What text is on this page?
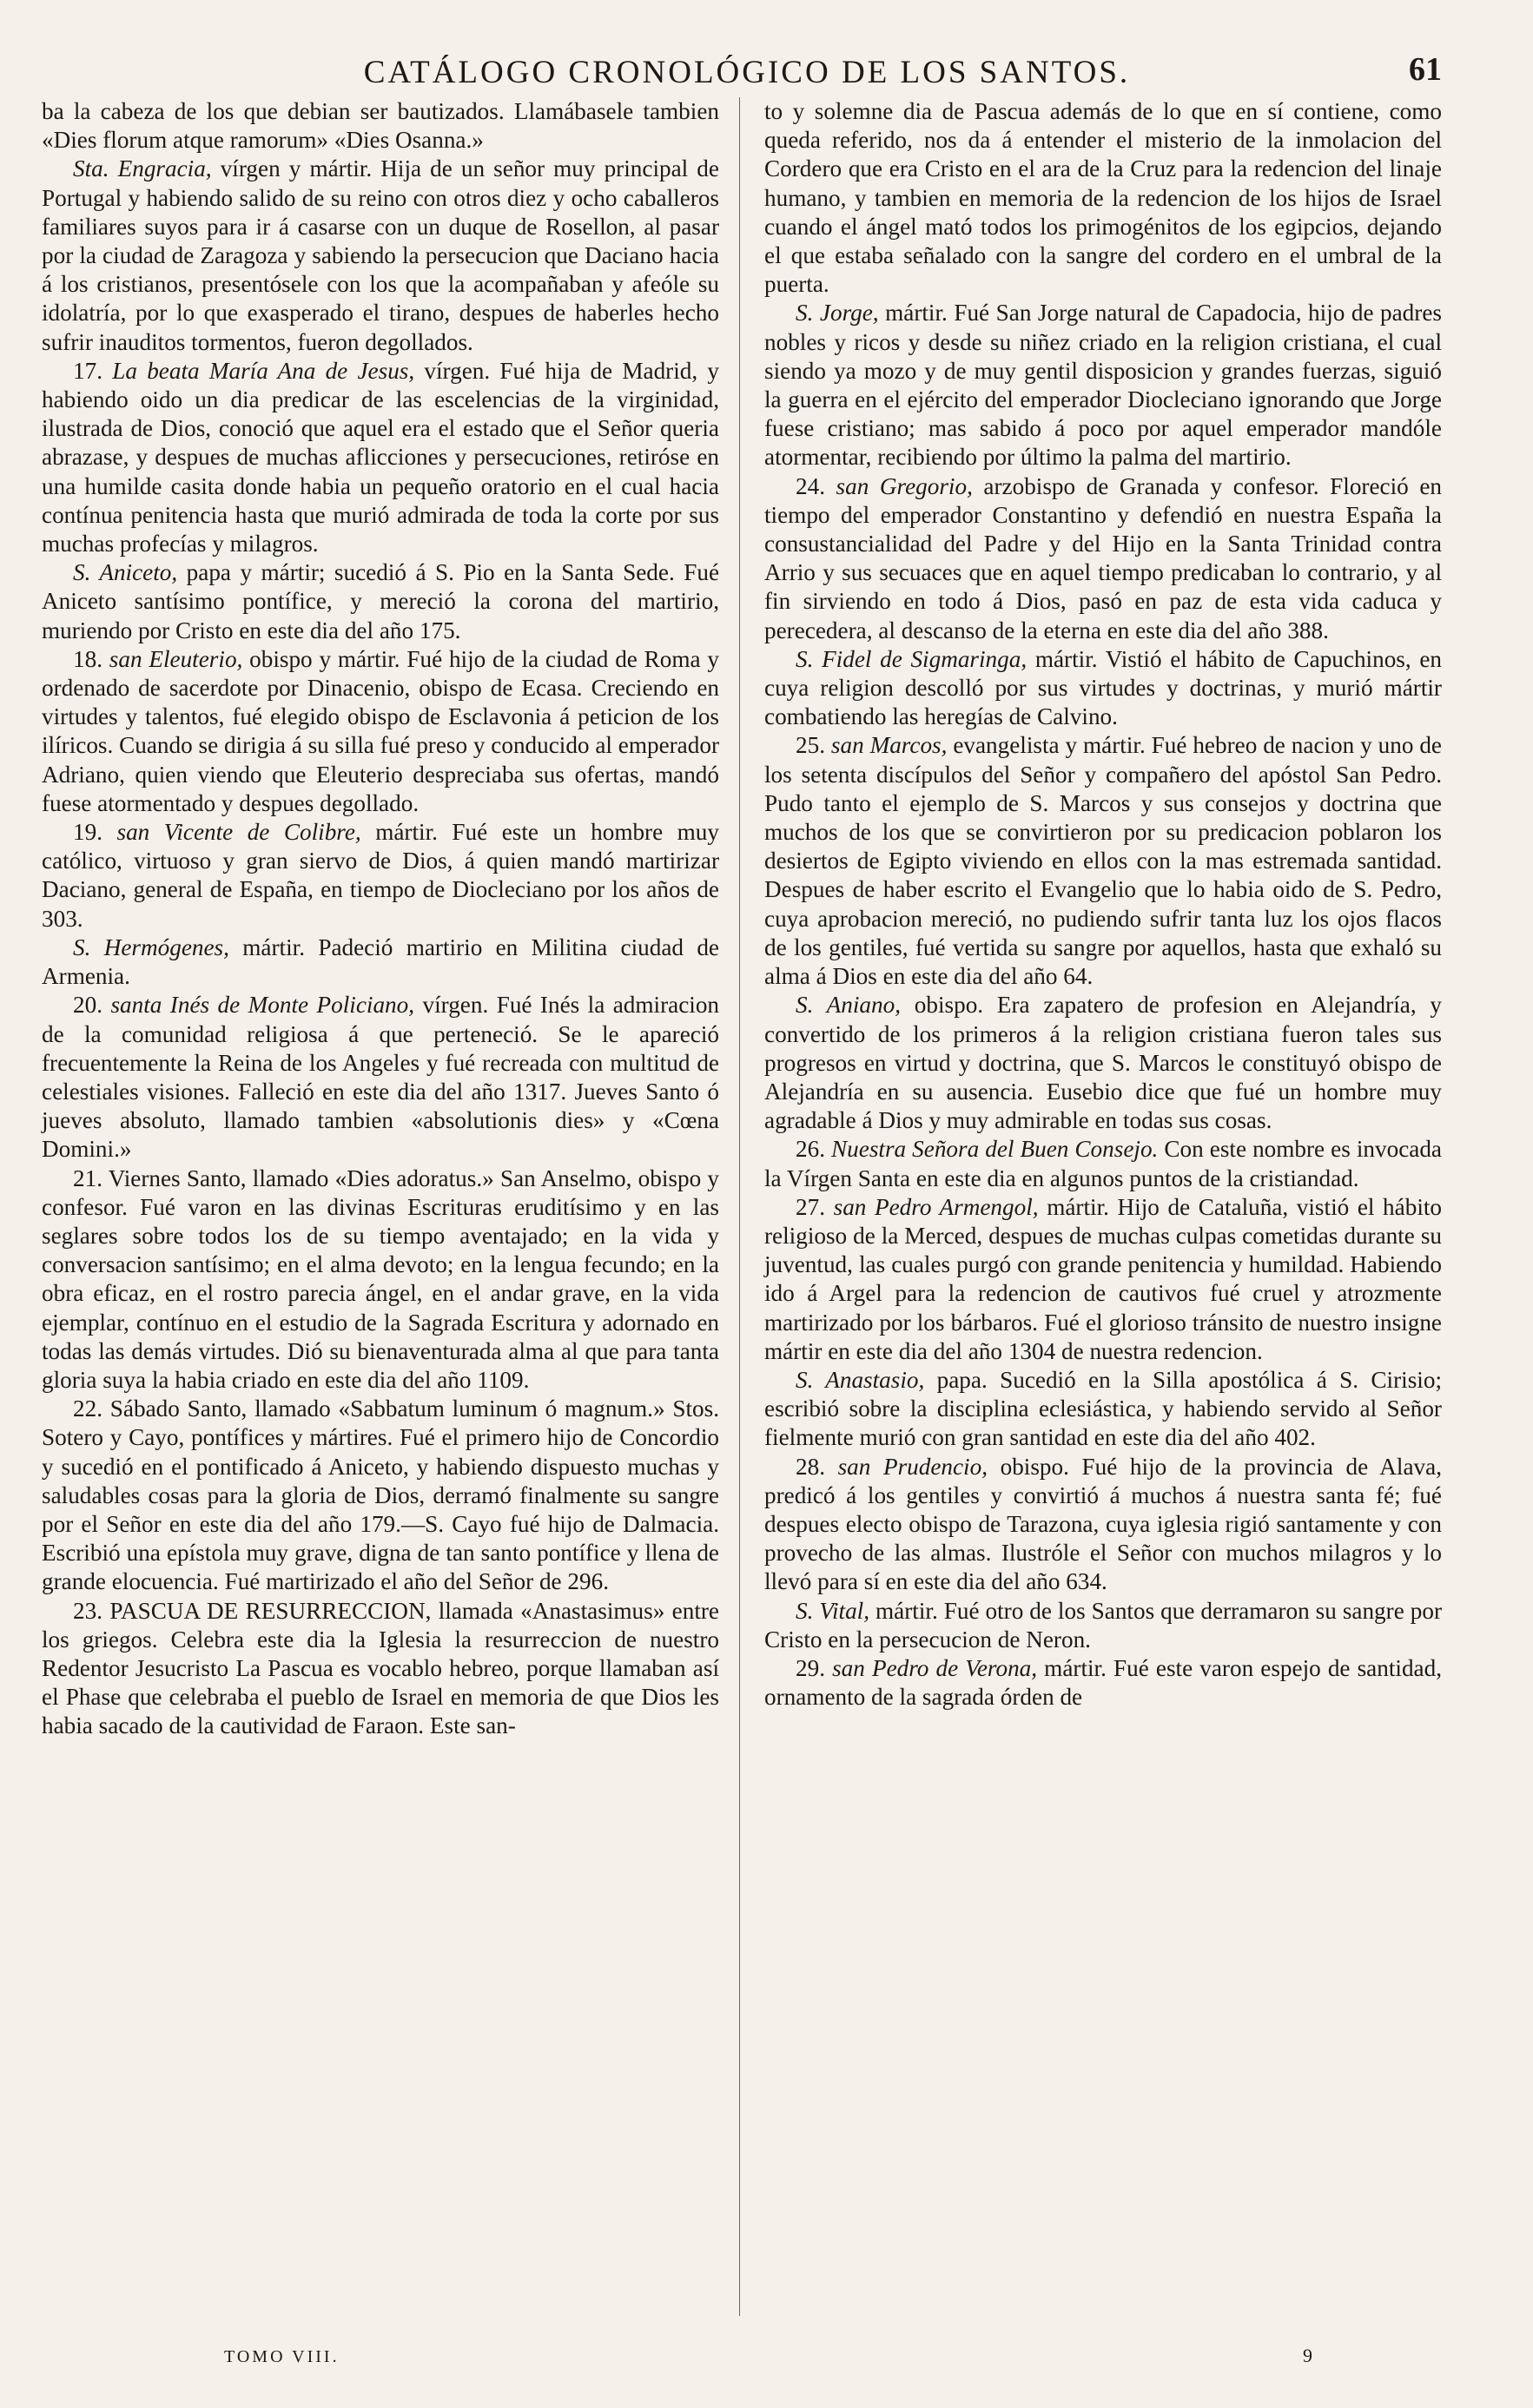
CATÁLOGO CRONOLÓGICO DE LOS SANTOS.	61

ba la cabeza de los que debian ser bautizados. Llamábasele tambien «Dies florum atque ramorum» «Dies Osanna.»

Sta. Engracia, vírgen y mártir. Hija de un señor muy principal de Portugal y habiendo salido de su reino con otros diez y ocho caballeros familiares suyos para ir á casarse con un duque de Rosellon, al pasar por la ciudad de Zaragoza y sabiendo la persecucion que Daciano hacia á los cristianos, presentósele con los que la acompañaban y afeóle su idolatría, por lo que exasperado el tirano, despues de haberles hecho sufrir inauditos tormentos, fueron degollados.

17. La beata María Ana de Jesus, vírgen. Fué hija de Madrid, y habiendo oido un dia predicar de las escelencias de la virginidad, ilustrada de Dios, conoció que aquel era el estado que el Señor queria abrazase, y despues de muchas aflicciones y persecuciones, retiróse en una humilde casita donde habia un pequeño oratorio en el cual hacia contínua penitencia hasta que murió admirada de toda la corte por sus muchas profecías y milagros.

S. Aniceto, papa y mártir; sucedió á S. Pio en la Santa Sede. Fué Aniceto santísimo pontífice, y mereció la corona del martirio, muriendo por Cristo en este dia del año 175.

18. san Eleuterio, obispo y mártir. Fué hijo de la ciudad de Roma y ordenado de sacerdote por Dinacenio, obispo de Ecasa. Creciendo en virtudes y talentos, fué elegido obispo de Esclavonia á peticion de los ilíricos. Cuando se dirigia á su silla fué preso y conducido al emperador Adriano, quien viendo que Eleuterio despreciaba sus ofertas, mandó fuese atormentado y despues degollado.

19. san Vicente de Colibre, mártir. Fué este un hombre muy católico, virtuoso y gran siervo de Dios, á quien mandó martirizar Daciano, general de España, en tiempo de Diocleciano por los años de 303.

S. Hermógenes, mártir. Padeció martirio en Militina ciudad de Armenia.

20. santa Inés de Monte Policiano, vírgen. Fué Inés la admiracion de la comunidad religiosa á que perteneció. Se le apareció frecuentemente la Reina de los Angeles y fué recreada con multitud de celestiales visiones. Falleció en este dia del año 1317. Jueves Santo ó jueves absoluto, llamado tambien «absolutionis dies» y «Cœna Domini.»

21. Viernes Santo, llamado «Dies adoratus.» San Anselmo, obispo y confesor. Fué varon en las divinas Escrituras eruditísimo y en las seglares sobre todos los de su tiempo aventajado; en la vida y conversacion santísimo; en el alma devoto; en la lengua fecundo; en la obra eficaz, en el rostro parecia ángel, en el andar grave, en la vida ejemplar, contínuo en el estudio de la Sagrada Escritura y adornado en todas las demás virtudes. Dió su bienaventurada alma al que para tanta gloria suya la habia criado en este dia del año 1109.

22. Sábado Santo, llamado «Sabbatum luminum ó magnum.» Stos. Sotero y Cayo, pontífices y mártires. Fué el primero hijo de Concordio y sucedió en el pontificado á Aniceto, y habiendo dispuesto muchas y saludables cosas para la gloria de Dios, derramó finalmente su sangre por el Señor en este dia del año 179.—S. Cayo fué hijo de Dalmacia. Escribió una epístola muy grave, digna de tan santo pontífice y llena de grande elocuencia. Fué martirizado el año del Señor de 296.

23. PASCUA DE RESURRECCION, llamada «Anastasimus» entre los griegos. Celebra este dia la Iglesia la resurreccion de nuestro Redentor Jesucristo La Pascua es vocablo hebreo, porque llamaban así el Phase que celebraba el pueblo de Israel en memoria de que Dios les habia sacado de la cautividad de Faraon. Este san-

to y solemne dia de Pascua además de lo que en sí contiene, como queda referido, nos da á entender el misterio de la inmolacion del Cordero que era Cristo en el ara de la Cruz para la redencion del linaje humano, y tambien en memoria de la redencion de los hijos de Israel cuando el ángel mató todos los primogénitos de los egipcios, dejando el que estaba señalado con la sangre del cordero en el umbral de la puerta.

S. Jorge, mártir. Fué San Jorge natural de Capadocia, hijo de padres nobles y ricos y desde su niñez criado en la religion cristiana, el cual siendo ya mozo y de muy gentil disposicion y grandes fuerzas, siguió la guerra en el ejército del emperador Diocleciano ignorando que Jorge fuese cristiano; mas sabido á poco por aquel emperador mandóle atormentar, recibiendo por último la palma del martirio.

24. san Gregorio, arzobispo de Granada y confesor. Floreció en tiempo del emperador Constantino y defendió en nuestra España la consustancialidad del Padre y del Hijo en la Santa Trinidad contra Arrio y sus secuaces que en aquel tiempo predicaban lo contrario, y al fin sirviendo en todo á Dios, pasó en paz de esta vida caduca y perecedera, al descanso de la eterna en este dia del año 388.

S. Fidel de Sigmaringa, mártir. Vistió el hábito de Capuchinos, en cuya religion descolló por sus virtudes y doctrinas, y murió mártir combatiendo las heregías de Calvino.

25. san Marcos, evangelista y mártir. Fué hebreo de nacion y uno de los setenta discípulos del Señor y compañero del apóstol San Pedro. Pudo tanto el ejemplo de S. Marcos y sus consejos y doctrina que muchos de los que se convirtieron por su predicacion poblaron los desiertos de Egipto viviendo en ellos con la mas estremada santidad. Despues de haber escrito el Evangelio que lo habia oido de S. Pedro, cuya aprobacion mereció, no pudiendo sufrir tanta luz los ojos flacos de los gentiles, fué vertida su sangre por aquellos, hasta que exhaló su alma á Dios en este dia del año 64.

S. Aniano, obispo. Era zapatero de profesion en Alejandría, y convertido de los primeros á la religion cristiana fueron tales sus progresos en virtud y doctrina, que S. Marcos le constituyó obispo de Alejandría en su ausencia. Eusebio dice que fué un hombre muy agradable á Dios y muy admirable en todas sus cosas.

26. Nuestra Señora del Buen Consejo. Con este nombre es invocada la Vírgen Santa en este dia en algunos puntos de la cristiandad.

27. san Pedro Armengol, mártir. Hijo de Cataluña, vistió el hábito religioso de la Merced, despues de muchas culpas cometidas durante su juventud, las cuales purgó con grande penitencia y humildad. Habiendo ido á Argel para la redencion de cautivos fué cruel y atrozmente martirizado por los bárbaros. Fué el glorioso tránsito de nuestro insigne mártir en este dia del año 1304 de nuestra redencion.

S. Anastasio, papa. Sucedió en la Silla apostólica á S. Cirisio; escribió sobre la disciplina eclesiástica, y habiendo servido al Señor fielmente murió con gran santidad en este dia del año 402.

28. san Prudencio, obispo. Fué hijo de la provincia de Alava, predicó á los gentiles y convirtió á muchos á nuestra santa fé; fué despues electo obispo de Tarazona, cuya iglesia rigió santamente y con provecho de las almas. Ilustróle el Señor con muchos milagros y lo llevó para sí en este dia del año 634.

S. Vital, mártir. Fué otro de los Santos que derramaron su sangre por Cristo en la persecucion de Neron.

29. san Pedro de Verona, mártir. Fué este varon espejo de santidad, ornamento de la sagrada órden de

TOMO VIII.	9
